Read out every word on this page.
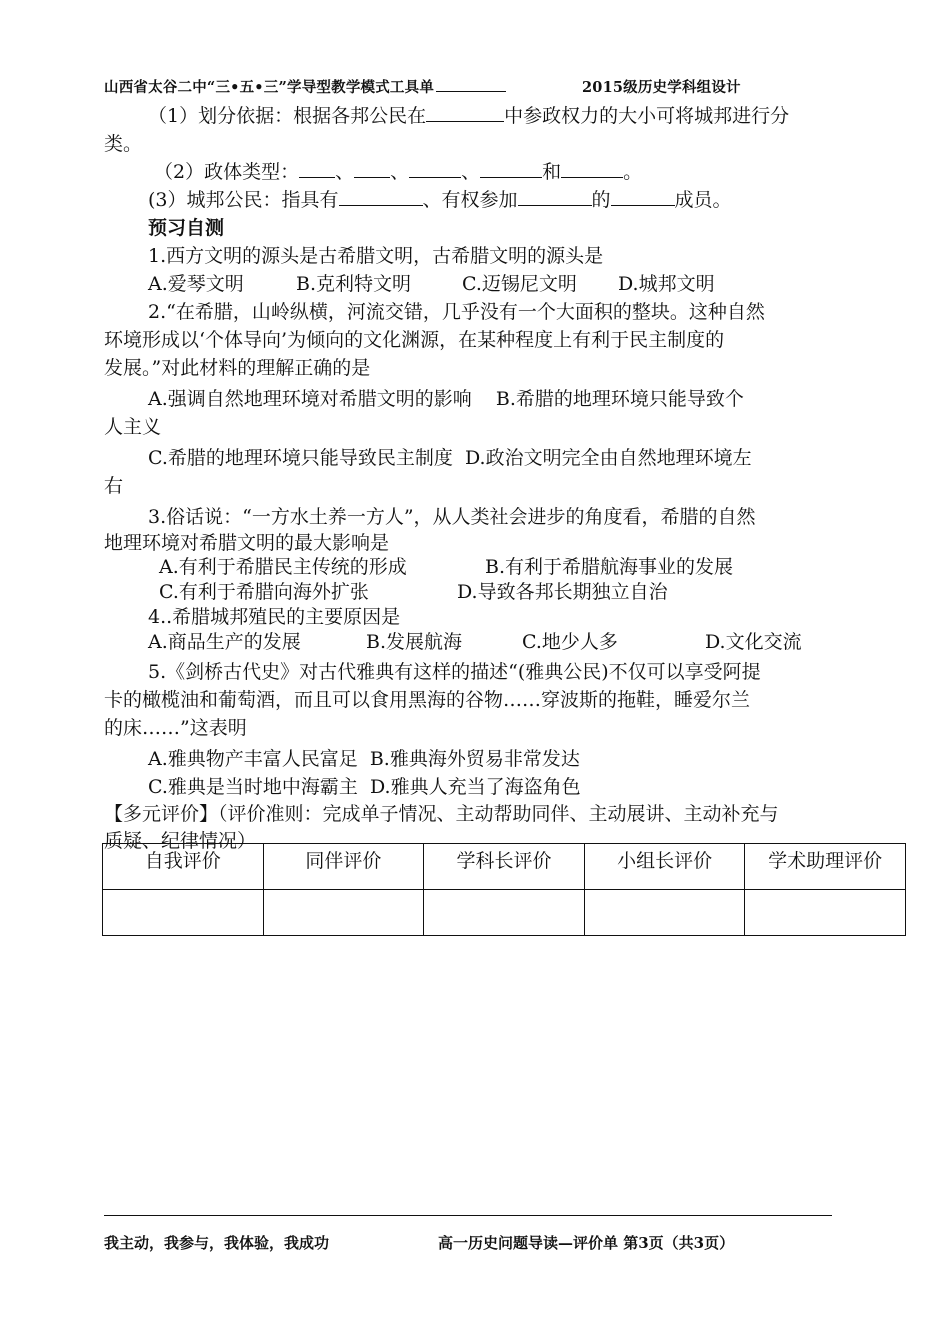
山西省太谷二中“三•五•三”学导型教学模式工具单	2015级历史学科组设计

（1）划分依据：根据各邦公民在	中参政权力的大小可将城邦进行分

类。

（2）政体类型： 、 、	、	和	。

(3）城邦公民：指具有	、有权参加	的	成员。

预习自测

1.西方文明的源头是古希腊文明，古希腊文明的源头是

A.爱琴文明	B.克利特文明	C.迈锡尼文明 D.城邦文明

2.“在希腊，山岭纵横，河流交错，几乎没有一个大面积的整块。这种自然

环境形成以‘个体导向’为倾向的文化渊源，在某种程度上有利于民主制度的

发展。”对此材料的理解正确的是

A.强调自然地理环境对希腊文明的影响    B.希腊的地理环境只能导致个

人主义

C.希腊的地理环境只能导致民主制度  D.政治文明完全由自然地理环境左

右

3.俗话说：“一方水土养一方人”，从人类社会进步的角度看，希腊的自然

地理环境对希腊文明的最大影响是

A.有利于希腊民主传统的形成	B.有利于希腊航海事业的发展

C.有利于希腊向海外扩张	D.导致各邦长期独立自治

4..希腊城邦殖民的主要原因是

A.商品生产的发展	B.发展航海	C.地少人多	D.文化交流

5.《剑桥古代史》对古代雅典有这样的描述“(雅典公民)不仅可以享受阿提

卡的橄榄油和葡萄酒，而且可以食用黑海的谷物……穿波斯的拖鞋，睡爱尔兰

的床……”这表明

A.雅典物产丰富人民富足  B.雅典海外贸易非常发达

C.雅典是当时地中海霸主  D.雅典人充当了海盗角色

【多元评价】（评价准则：完成单子情况、主动帮助同伴、主动展讲、主动补充与

质疑、纪律情况）

自我评价	同伴评价	学科长评价	小组长评价	学术助理评价

我主动，我参与，我体验，我成功	高一历史问题导读—评价单 第3页（共3页）
